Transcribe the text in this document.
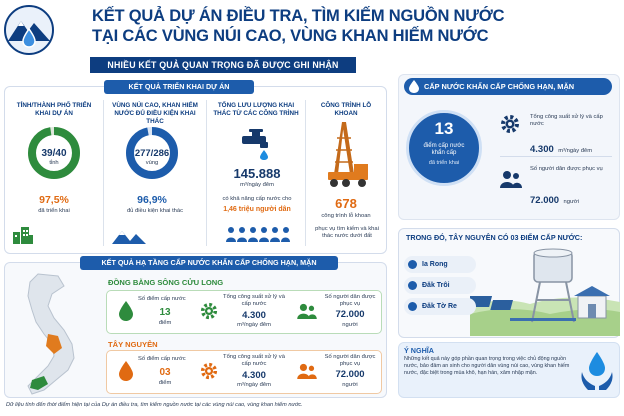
KẾT QUẢ DỰ ÁN ĐIỀU TRA, TÌM KIẾM NGUỒN NƯỚC
TẠI CÁC VÙNG NÚI CAO, VÙNG KHAN HIẾM NƯỚC
NHIỀU KẾT QUẢ QUAN TRỌNG ĐÃ ĐƯỢC GHI NHẬN
KẾT QUẢ TRIỂN KHAI DỰ ÁN
TỈNH/THÀNH PHỐ TRIỂN KHAI DỰ ÁN
39/40
tỉnh
97,5%
đã triển khai
VÙNG NÚI CAO, KHAN HIẾM NƯỚC ĐỦ ĐIỀU KIỆN KHAI THÁC
277/286
vùng
96,9%
đủ điều kiện khai thác
TỔNG LƯU LƯỢNG KHAI THÁC TỪ CÁC CÔNG TRÌNH
145.888
m³/ngày đêm
có khả năng cấp nước cho
1,46 triệu người dân
CÔNG TRÌNH LỖ KHOAN
678
công trình lỗ khoan
phục vụ tìm kiếm và khai thác nước dưới đất
CẤP NƯỚC KHẨN CẤP CHỐNG HẠN, MẶN
13
điểm cấp nước khẩn cấp
đã triển khai
Tổng công suất xử lý và cấp nước
4.300 m³/ngày đêm
Số người dân được phục vụ
72.000 người
TRONG ĐÓ, TÂY NGUYÊN CÓ 03 ĐIỂM CẤP NƯỚC:
Ia Rong
Đăk Trôi
Đăk Tờ Re
KẾT QUẢ HẠ TẦNG CẤP NƯỚC KHẨN CẤP CHỐNG HẠN, MẶN
ĐỒNG BẰNG SÔNG CỬU LONG
Số điểm cấp nước
13
điểm
Tổng công suất xử lý và cấp nước
4.300
m³/ngày đêm
Số người dân được phục vụ
72.000
người
TÂY NGUYÊN
Số điểm cấp nước
03
điểm
Tổng công suất xử lý và cấp nước
4.300
m³/ngày đêm
Số người dân được phục vụ
72.000
người
Ý NGHĨA
Những kết quả này góp phần quan trọng trong việc chủ động nguồn nước, bảo đảm an sinh cho người dân vùng núi cao, vùng khan hiếm nước, đặc biệt trong mùa khô, hạn hán, xâm nhập mặn.
Dữ liệu tính đến thời điểm hiện tại của Dự án điều tra, tìm kiếm nguồn nước tại các vùng núi cao, vùng khan hiếm nước.
